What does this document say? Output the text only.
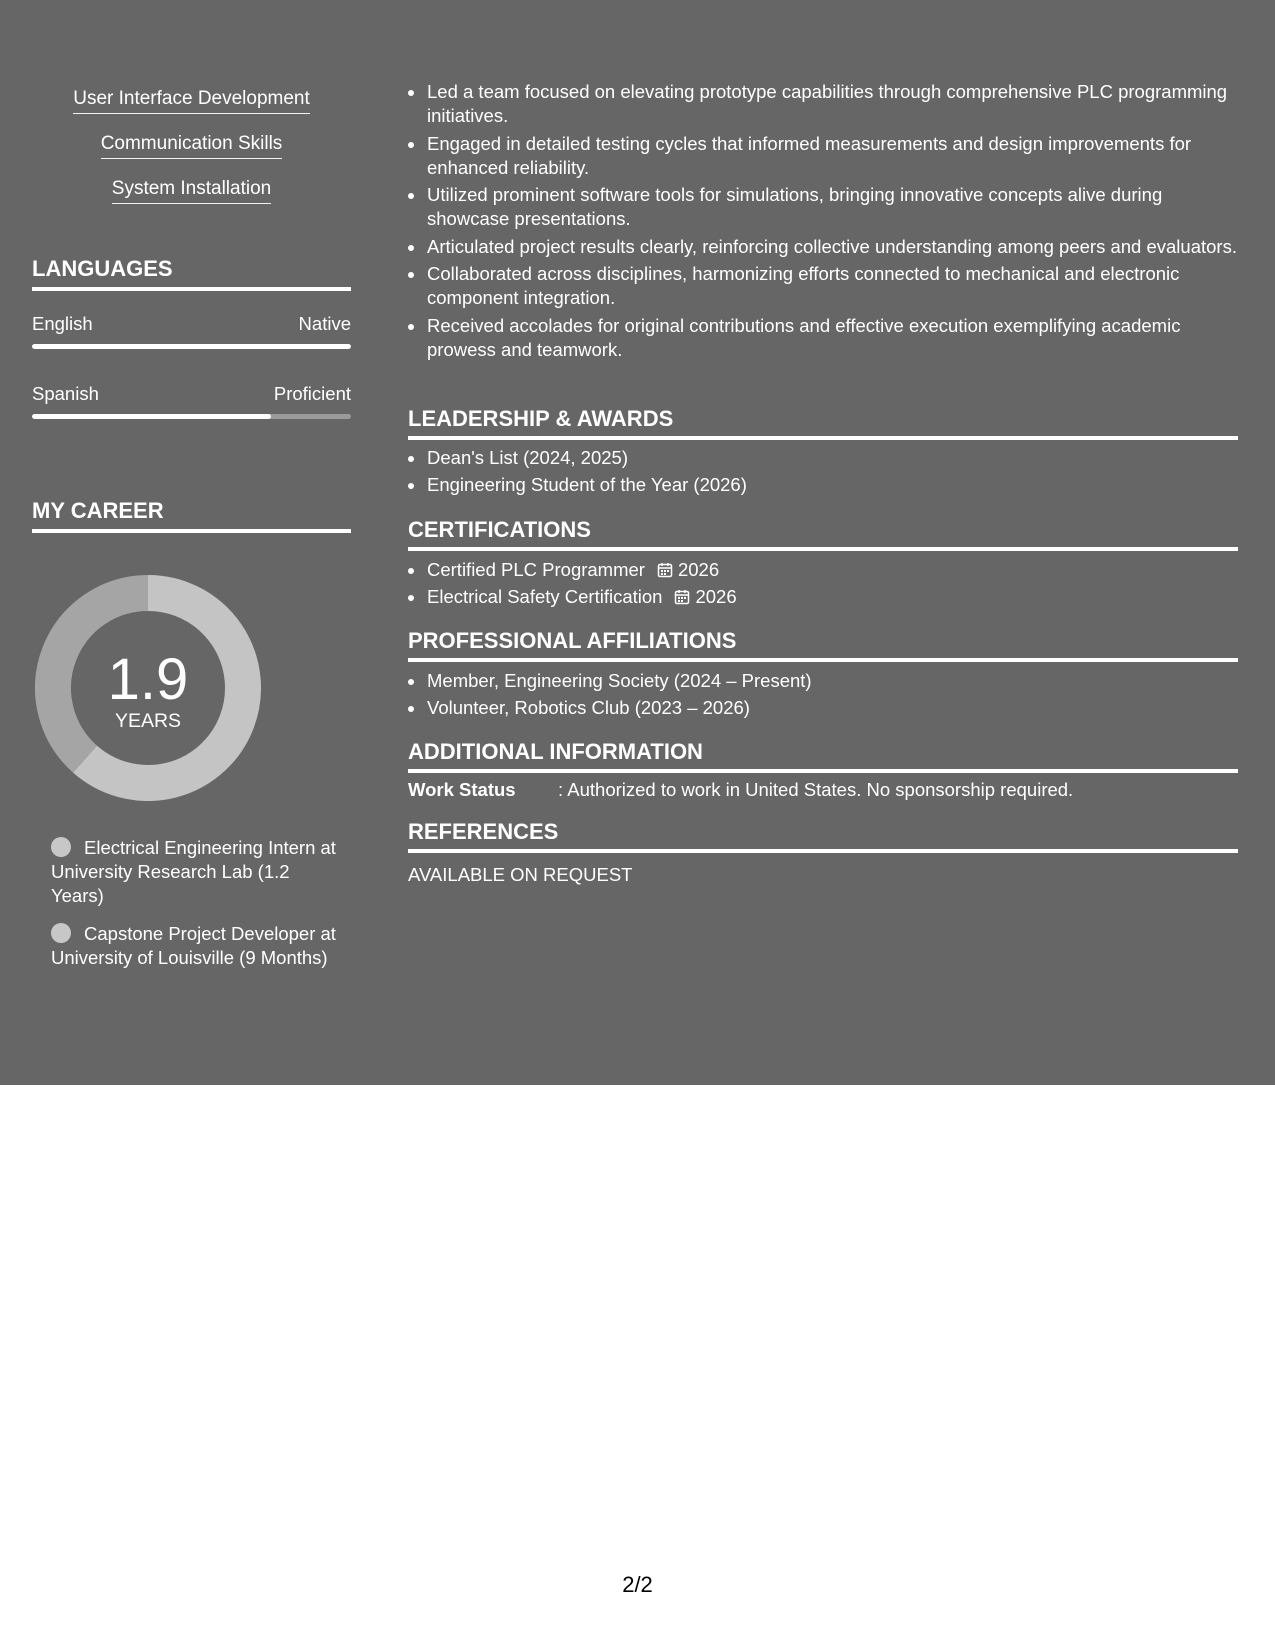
User Interface Development
Communication Skills
System Installation
LANGUAGES
English	Native
Spanish	Proficient
MY CAREER
Electrical Engineering Intern at University Research Lab (1.2 Years)
Capstone Project Developer at University of Louisville (9 Months)
1.9
YEARS
Led a team focused on elevating prototype capabilities through comprehensive PLC programming initiatives.
Engaged in detailed testing cycles that informed measurements and design improvements for enhanced reliability.
Utilized prominent software tools for simulations, bringing innovative concepts alive during showcase presentations.
Articulated project results clearly, reinforcing collective understanding among peers and evaluators.
Collaborated across disciplines, harmonizing efforts connected to mechanical and electronic component integration.
Received accolades for original contributions and effective execution exemplifying academic prowess and teamwork.
LEADERSHIP & AWARDS
Dean's List (2024, 2025)
Engineering Student of the Year (2026)
CERTIFICATIONS
Certified PLC Programmer 2026
Electrical Safety Certification 2026
PROFESSIONAL AFFILIATIONS
Member, Engineering Society (2024 – Present)
Volunteer, Robotics Club (2023 – 2026)
ADDITIONAL INFORMATION
Work Status : Authorized to work in United States. No sponsorship required.
REFERENCES
AVAILABLE ON REQUEST
2/2
